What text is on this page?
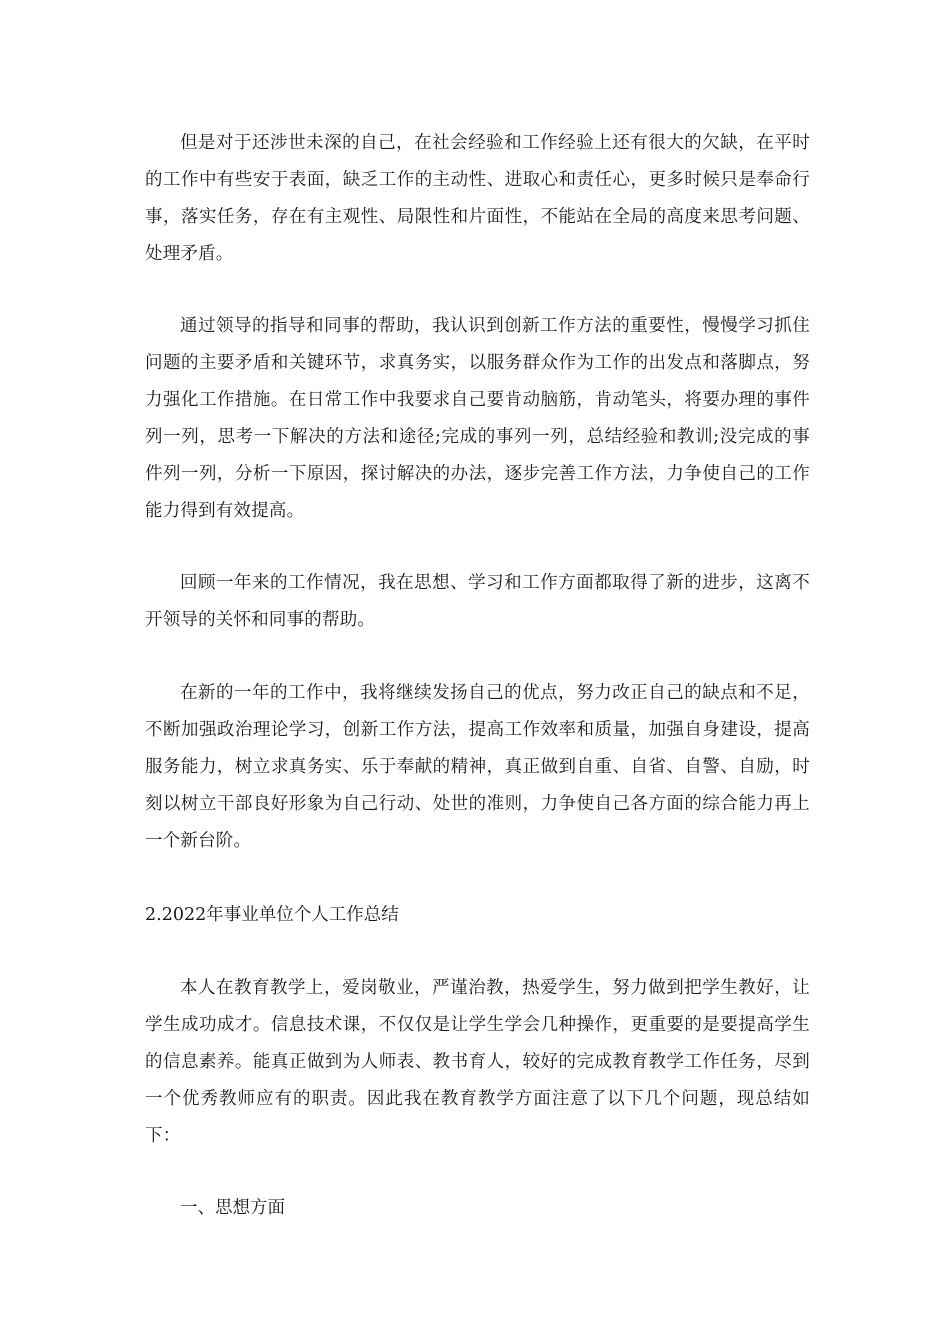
但是对于还涉世未深的自己，在社会经验和工作经验上还有很大的欠缺，在平时的工作中有些安于表面，缺乏工作的主动性、进取心和责任心，更多时候只是奉命行事，落实任务，存在有主观性、局限性和片面性，不能站在全局的高度来思考问题、处理矛盾。

通过领导的指导和同事的帮助，我认识到创新工作方法的重要性，慢慢学习抓住问题的主要矛盾和关键环节，求真务实，以服务群众作为工作的出发点和落脚点，努力强化工作措施。在日常工作中我要求自己要肯动脑筋，肯动笔头，将要办理的事件列一列，思考一下解决的方法和途径;完成的事列一列，总结经验和教训;没完成的事件列一列，分析一下原因，探讨解决的办法，逐步完善工作方法，力争使自己的工作能力得到有效提高。

回顾一年来的工作情况，我在思想、学习和工作方面都取得了新的进步，这离不开领导的关怀和同事的帮助。

在新的一年的工作中，我将继续发扬自己的优点，努力改正自己的缺点和不足，不断加强政治理论学习，创新工作方法，提高工作效率和质量，加强自身建设，提高服务能力，树立求真务实、乐于奉献的精神，真正做到自重、自省、自警、自励，时刻以树立干部良好形象为自己行动、处世的准则，力争使自己各方面的综合能力再上一个新台阶。

2.2022年事业单位个人工作总结

本人在教育教学上，爱岗敬业，严谨治教，热爱学生，努力做到把学生教好，让学生成功成才。信息技术课，不仅仅是让学生学会几种操作，更重要的是要提高学生的信息素养。能真正做到为人师表、教书育人，较好的完成教育教学工作任务，尽到一个优秀教师应有的职责。因此我在教育教学方面注意了以下几个问题，现总结如下：

一、思想方面
